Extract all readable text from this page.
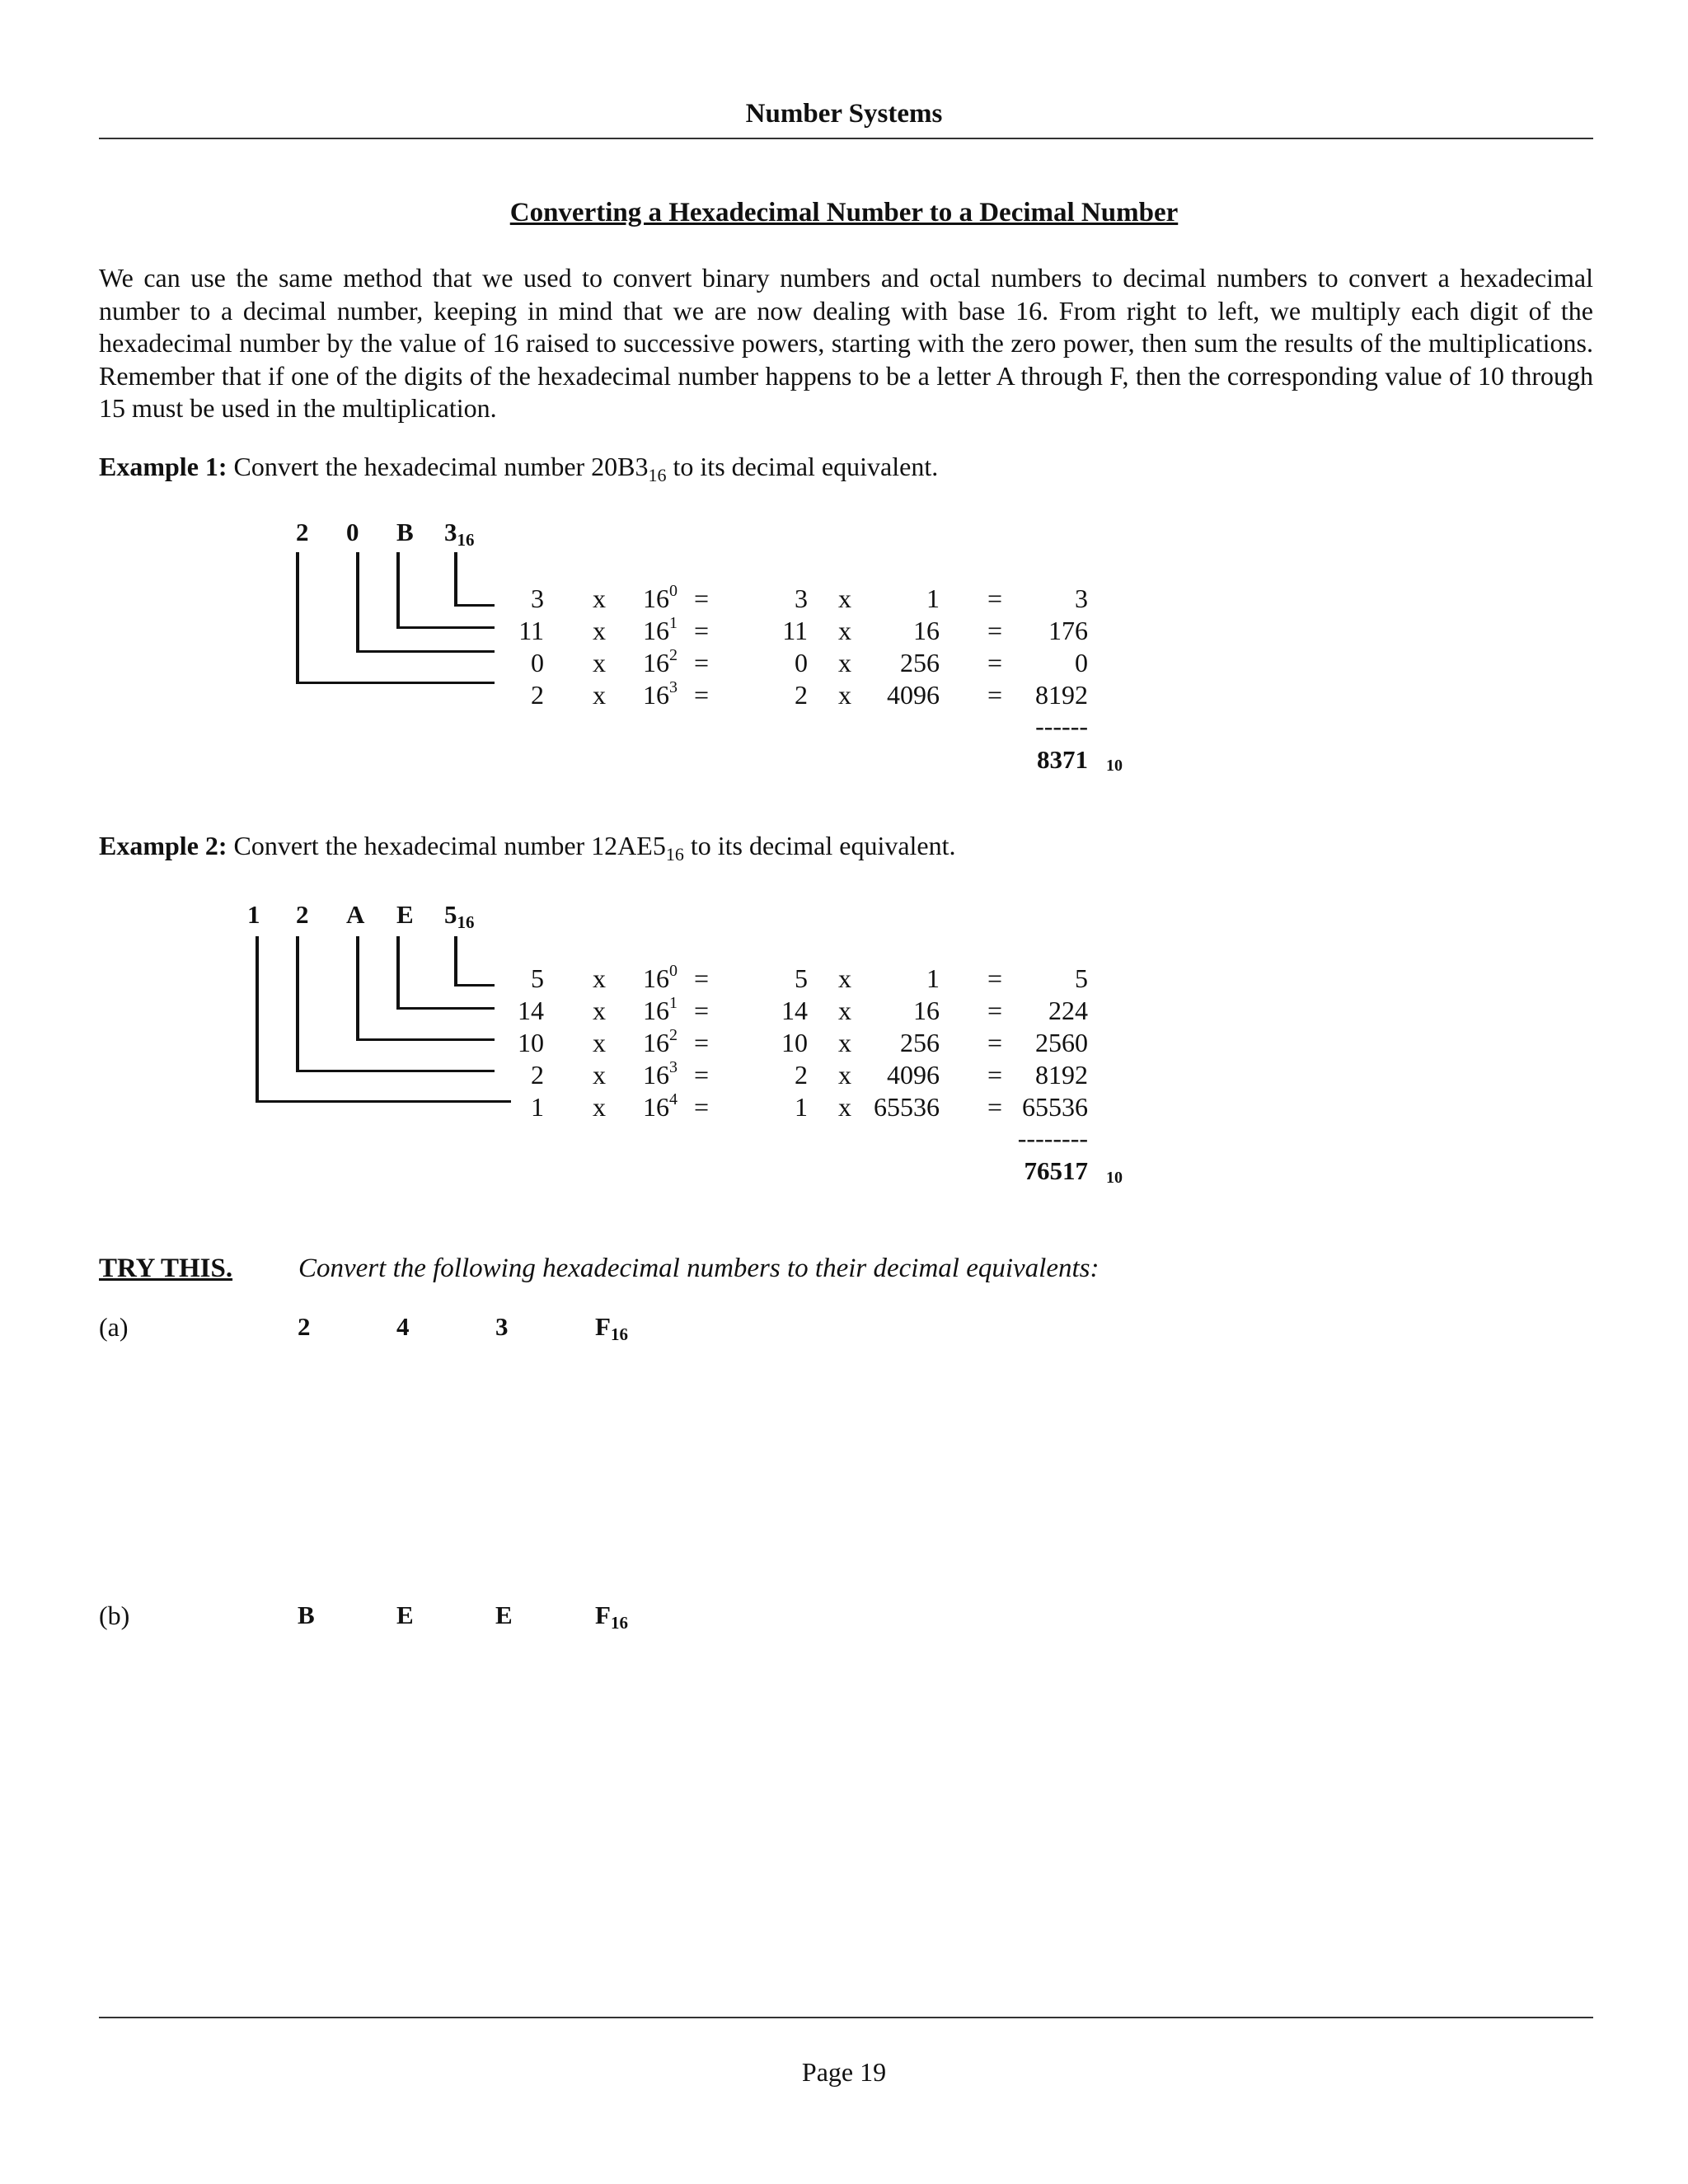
Number Systems
Converting a Hexadecimal Number to a Decimal Number

We can use the same method that we used to convert binary numbers and octal numbers to decimal numbers to convert a hexadecimal number to a decimal number, keeping in mind that we are now dealing with base 16. From right to left, we multiply each digit of the hexadecimal number by the value of 16 raised to successive powers, starting with the zero power, then sum the results of the multiplications. Remember that if one of the digits of the hexadecimal number happens to be a letter A through F, then the corresponding value of 10 through 15 must be used in the multiplication.

Example 1: Convert the hexadecimal number $20B3_{16}$ to its decimal equivalent.
2 0 B $3_{16}$
3 x $16^0$ =	3 x	1 =	3
11 x $16^1$ =	11 x	16 =	176
0 x $16^2$ =	0 x	256 =	0
2 x $16^3$ =	2 x	4096 =	8192
------
8371 10
Example 2: Convert the hexadecimal number $12AE5_{16}$ to its decimal equivalent.
1 2 A E $5_{16}$
5 x $16^0$ =	5 x	1 =	5
14 x $16^1$ =	14 x	16 =	224
10 x $16^2$ =	10 x	256 =	2560
2 x $16^3$ =	2 x	4096 =	8192
1 x $16^4$ =	1 x 65536 = 65536
--------
76517 10
TRY THIS. Convert the following hexadecimal numbers to their decimal equivalents:
(a)	2	4	3	$F_{16}$
(b)	B	E	E	$F_{16}$
Page 19
